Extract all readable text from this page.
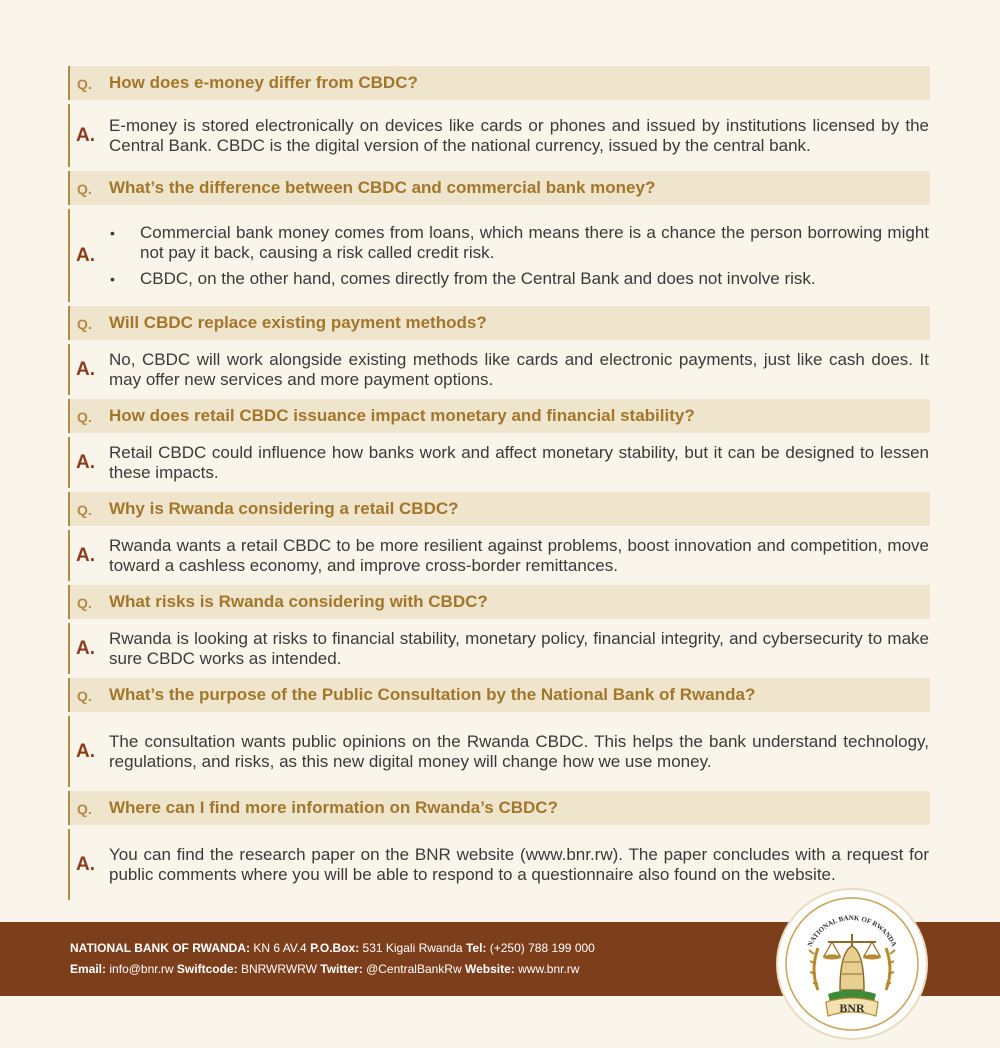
Q. How does e-money differ from CBDC?
A. E-money is stored electronically on devices like cards or phones and issued by institutions licensed by the Central Bank. CBDC is the digital version of the national currency, issued by the central bank.
Q. What’s the difference between CBDC and commercial bank money?
A.
• Commercial bank money comes from loans, which means there is a chance the person borrowing might not pay it back, causing a risk called credit risk.
• CBDC, on the other hand, comes directly from the Central Bank and does not involve risk.
Q. Will CBDC replace existing payment methods?
A. No, CBDC will work alongside existing methods like cards and electronic payments, just like cash does. It may offer new services and more payment options.
Q. How does retail CBDC issuance impact monetary and financial stability?
A. Retail CBDC could influence how banks work and affect monetary stability, but it can be designed to lessen these impacts.
Q. Why is Rwanda considering a retail CBDC?
A. Rwanda wants a retail CBDC to be more resilient against problems, boost innovation and competition, move toward a cashless economy, and improve cross-border remittances.
Q. What risks is Rwanda considering with CBDC?
A. Rwanda is looking at risks to financial stability, monetary policy, financial integrity, and cybersecurity to make sure CBDC works as intended.
Q. What’s the purpose of the Public Consultation by the National Bank of Rwanda?
A. The consultation wants public opinions on the Rwanda CBDC. This helps the bank understand technology, regulations, and risks, as this new digital money will change how we use money.
Q. Where can I find more information on Rwanda’s CBDC?
A. You can find the research paper on the BNR website (www.bnr.rw). The paper concludes with a request for public comments where you will be able to respond to a questionnaire also found on the website.
NATIONAL BANK OF RWANDA: KN 6 AV.4 P.O.Box: 531 Kigali Rwanda Tel: (+250) 788 199 000
Email: info@bnr.rw Swiftcode: BNRWRWRW Twitter: @CentralBankRw Website: www.bnr.rw
NATIONAL BANK OF RWANDA
BNR
